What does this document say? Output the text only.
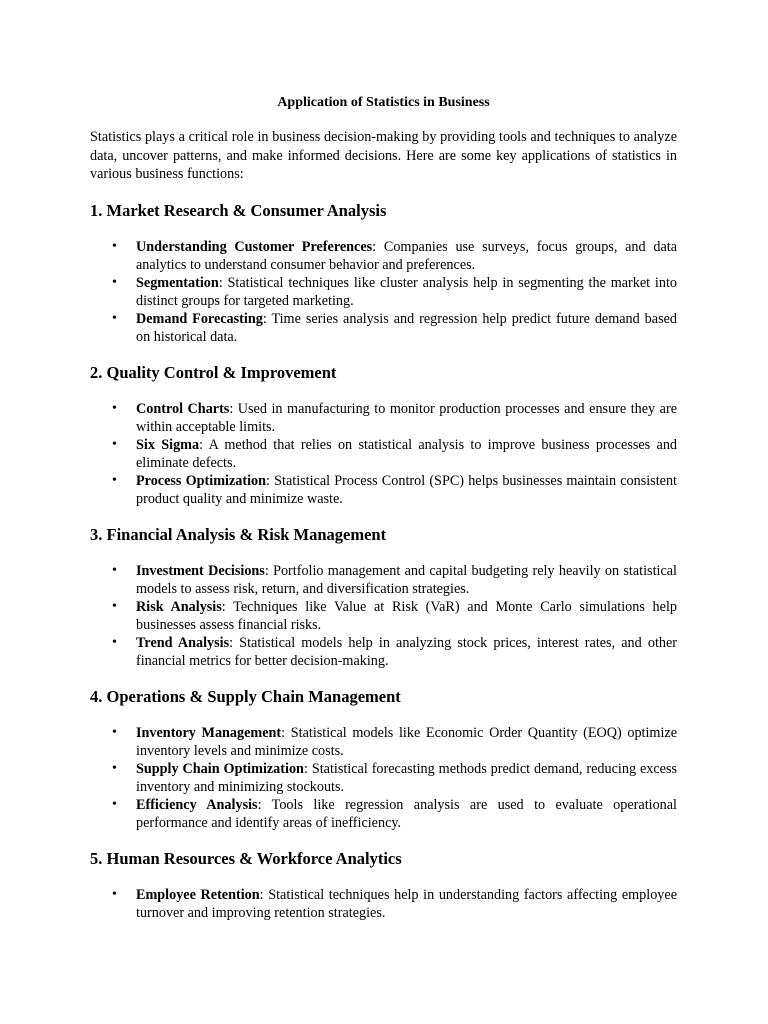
Application of Statistics in Business

Statistics plays a critical role in business decision-making by providing tools and techniques to analyze data, uncover patterns, and make informed decisions. Here are some key applications of statistics in various business functions:

1. Market Research & Consumer Analysis
• Understanding Customer Preferences: Companies use surveys, focus groups, and data analytics to understand consumer behavior and preferences.
• Segmentation: Statistical techniques like cluster analysis help in segmenting the market into distinct groups for targeted marketing.
• Demand Forecasting: Time series analysis and regression help predict future demand based on historical data.
2. Quality Control & Improvement
• Control Charts: Used in manufacturing to monitor production processes and ensure they are within acceptable limits.
• Six Sigma: A method that relies on statistical analysis to improve business processes and eliminate defects.
• Process Optimization: Statistical Process Control (SPC) helps businesses maintain consistent product quality and minimize waste.
3. Financial Analysis & Risk Management
• Investment Decisions: Portfolio management and capital budgeting rely heavily on statistical models to assess risk, return, and diversification strategies.
• Risk Analysis: Techniques like Value at Risk (VaR) and Monte Carlo simulations help businesses assess financial risks.
• Trend Analysis: Statistical models help in analyzing stock prices, interest rates, and other financial metrics for better decision-making.
4. Operations & Supply Chain Management
• Inventory Management: Statistical models like Economic Order Quantity (EOQ) optimize inventory levels and minimize costs.
• Supply Chain Optimization: Statistical forecasting methods predict demand, reducing excess inventory and minimizing stockouts.
• Efficiency Analysis: Tools like regression analysis are used to evaluate operational performance and identify areas of inefficiency.
5. Human Resources & Workforce Analytics
• Employee Retention: Statistical techniques help in understanding factors affecting employee turnover and improving retention strategies.
